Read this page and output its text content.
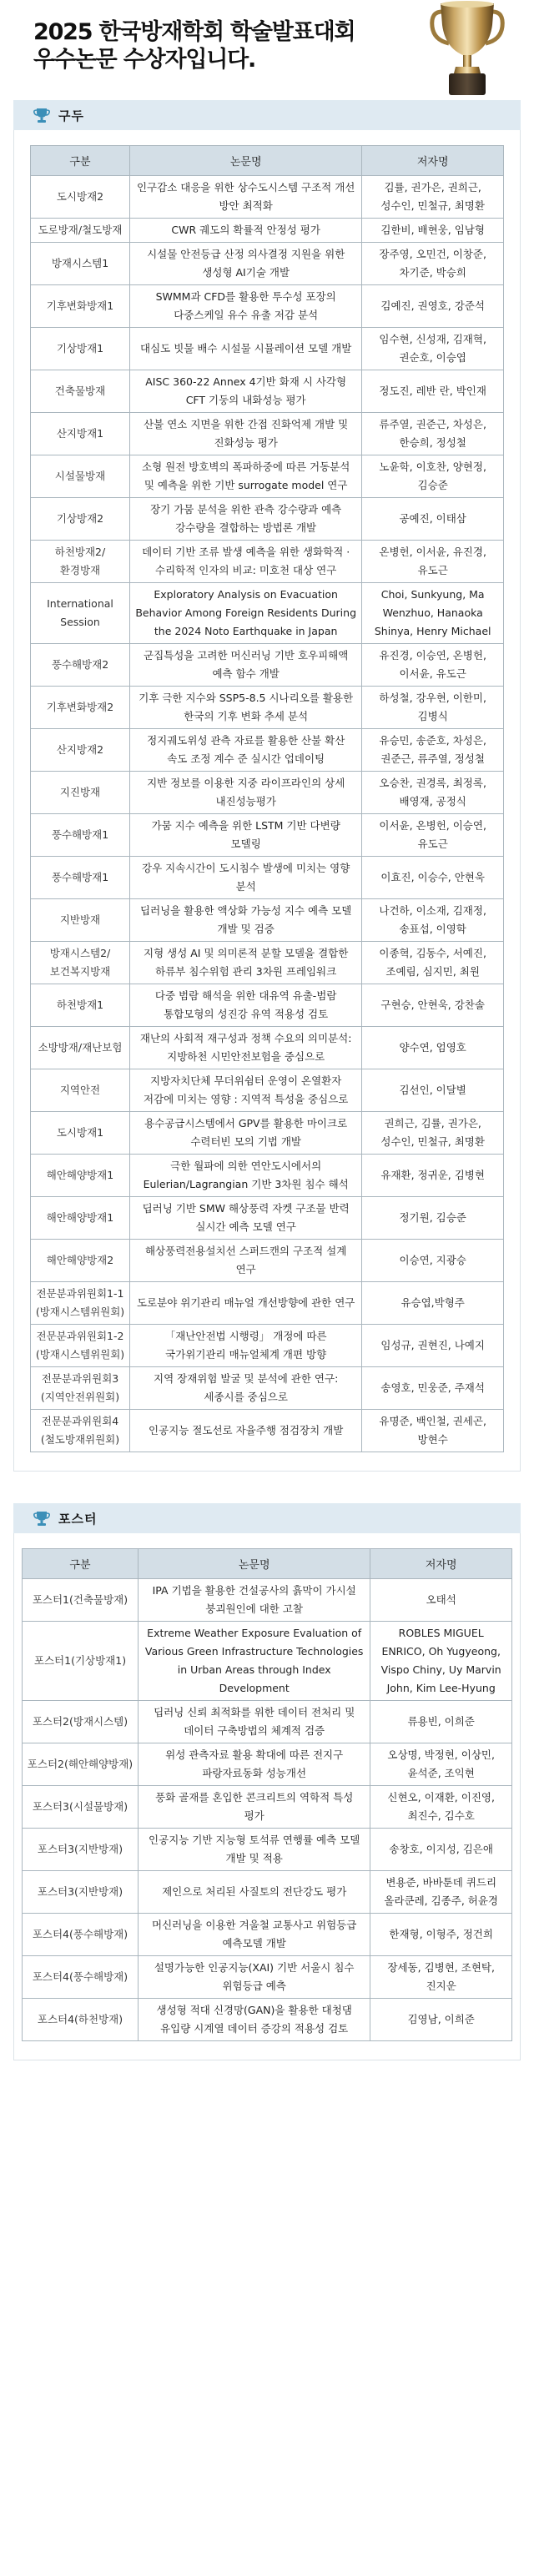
2025 한국방재학회 학술발표대회
우수논문 수상자입니다.
구두
구분	논문명	저자명
도시방재2	인구감소 대응을 위한 상수도시스템 구조적 개선 방안 최적화	김률, 권가은, 권희근, 성수인, 민철규, 최명환
도로방재/철도방재	CWR 궤도의 확률적 안정성 평가	김한비, 배현웅, 임남형
방재시스템1	시설물 안전등급 산정 의사결정 지원을 위한 생성형 AI기술 개발	장주영, 오민건, 이창준, 차기준, 박승희
기후변화방재1	SWMM과 CFD를 활용한 투수성 포장의 다중스케일 유수 유출 저감 분석	김예진, 권영호, 강준석
기상방재1	대심도 빗물 배수 시설물 시뮬레이션 모델 개발	임수현, 신성재, 김재혁, 권순호, 이승엽
건축물방재	AISC 360-22 Annex 4기반 화재 시 사각형 CFT 기둥의 내화성능 평가	정도진, 레반 란, 박인재
산지방재1	산불 연소 지면을 위한 간접 진화억제 개발 및 진화성능 평가	류주열, 권준근, 차성은, 한승희, 정성철
시설물방재	소형 원전 방호벽의 폭파하중에 따른 거동분석 및 예측을 위한 기반 surrogate model 연구	노윤학, 이호찬, 양현정, 김승준
기상방재2	장기 가뭄 분석을 위한 관측 강수량과 예측 강수량을 결합하는 방법론 개발	공예진, 이태삼
하천방재2/환경방재	데이터 기반 조류 발생 예측을 위한 생화학적 · 수리학적 인자의 비교: 미호천 대상 연구	온병헌, 이서윤, 유진경, 유도근
International Session	Exploratory Analysis on Evacuation Behavior Among Foreign Residents During the 2024 Noto Earthquake in Japan	Choi, Sunkyung, Ma Wenzhuo, Hanaoka Shinya, Henry Michael
풍수해방재2	군집특성을 고려한 머신러닝 기반 호우피해액 예측 함수 개발	유진경, 이승연, 온병헌, 이서윤, 유도근
기후변화방재2	기후 극한 지수와 SSP5-8.5 시나리오를 활용한 한국의 기후 변화 추세 분석	하성철, 강우현, 이한미, 김병식
산지방재2	정지궤도위성 관측 자료를 활용한 산불 확산 속도 조정 계수 준 실시간 업데이팅	유승민, 송준호, 차성은, 권준근, 류주열, 정성철
지진방재	지반 정보를 이용한 지중 라이프라인의 상세 내진성능평가	오승찬, 권경록, 최정록, 배영재, 공정식
풍수해방재1	가뭄 지수 예측을 위한 LSTM 기반 다변량 모델링	이서윤, 온병헌, 이승연, 유도근
풍수해방재1	강우 지속시간이 도시침수 발생에 미치는 영향 분석	이효진, 이승수, 안현욱
지반방재	딥러닝을 활용한 액상화 가능성 지수 예측 모델 개발 및 검증	나건하, 이소재, 김재정, 송표섭, 이영학
방재시스템2/보건복지방재	지형 생성 AI 및 의미론적 분할 모델을 결합한 하류부 침수위험 관리 3차원 프레임워크	이종혁, 김동수, 서예진, 조예림, 심지민, 최원
하천방재1	다중 범람 해석을 위한 대유역 유출-범람 통합모형의 성진강 유역 적용성 검토	구현승, 안현욱, 강찬솔
소방방재/재난보험	재난의 사회적 재구성과 정책 수요의 의미분석: 지방하천 시민안전보험을 중심으로	양수연, 엄영호
지역안전	지방자치단체 무더위쉼터 운영이 온열환자 저감에 미치는 영향 : 지역적 특성을 중심으로	김선인, 이달별
도시방재1	용수공급시스템에서 GPV를 활용한 마이크로 수력터빈 모의 기법 개발	권희근, 김률, 권가은, 성수인, 민철규, 최명환
해안해양방재1	극한 월파에 의한 연안도시에서의 Eulerian/Lagrangian 기반 3차원 침수 해석	유재환, 정귀운, 김병현
해안해양방재1	딥러닝 기반 SMW 해상풍력 자켓 구조물 반력 실시간 예측 모델 연구	정기원, 김승준
해안해양방재2	해상풍력전용설치선 스퍼드캔의 구조적 설계 연구	이승연, 지광승
전문분과위원회1-1 (방재시스템위원회)	도로분야 위기관리 매뉴얼 개선방향에 관한 연구	유승엽,박형주
전문분과위원회1-2 (방재시스템위원회)	「재난안전법 시행령」 개정에 따른 국가위기관리 매뉴얼체계 개편 방향	임성규, 권현진, 나예지
전문분과위원회3 (지역안전위원회)	지역 장재위험 발굴 및 분석에 관한 연구: 세종시를 중심으로	송영호, 민웅준, 주재석
전문분과위원회4 (철도방재위원회)	인공지능 절도선로 자율주행 점검장치 개발	유명준, 백인철, 권세곤, 방현수
포스터
구분	논문명	저자명
포스터1(건축물방재)	IPA 기법을 활용한 건설공사의 흙막이 가시설 붕괴원인에 대한 고찰	오태석
포스터1(기상방재1)	Extreme Weather Exposure Evaluation of Various Green Infrastructure Technologies in Urban Areas through Index Development	ROBLES MIGUEL ENRICO, Oh Yugyeong, Vispo Chiny, Uy Marvin John, Kim Lee-Hyung
포스터2(방재시스템)	딥러닝 신뢰 최적화를 위한 데이터 전처리 및 데이터 구축방법의 체계적 검증	류용빈, 이희준
포스터2(해안해양방재)	위성 관측자료 활용 확대에 따른 전지구 파랑자료동화 성능개선	오상명, 박정현, 이상민, 윤석준, 조익현
포스터3(시설물방재)	풍화 골재를 혼입한 콘크리트의 역학적 특성 평가	신현오, 이재환, 이진영, 최진수, 김수호
포스터3(지반방재)	인공지능 기반 지능형 토석류 연행률 예측 모델 개발 및 적용	송창호, 이지성, 김은애
포스터3(지반방재)	제인으로 처리된 사질토의 전단강도 평가	변용준, 바바툰데 퀴드리 올라쿤레, 김종주, 허윤경
포스터4(풍수해방재)	머신러닝을 이용한 겨울철 교통사고 위험등급 예측모델 개발	한재형, 이형주, 정건희
포스터4(풍수해방재)	설명가능한 인공지능(XAI) 기반 서울시 침수 위험등급 예측	장세동, 김병현, 조현탁, 진지운
포스터4(하천방재)	생성형 적대 신경망(GAN)을 활용한 대청댐 유입량 시계열 데이터 증강의 적용성 검토	김영남, 이희준
